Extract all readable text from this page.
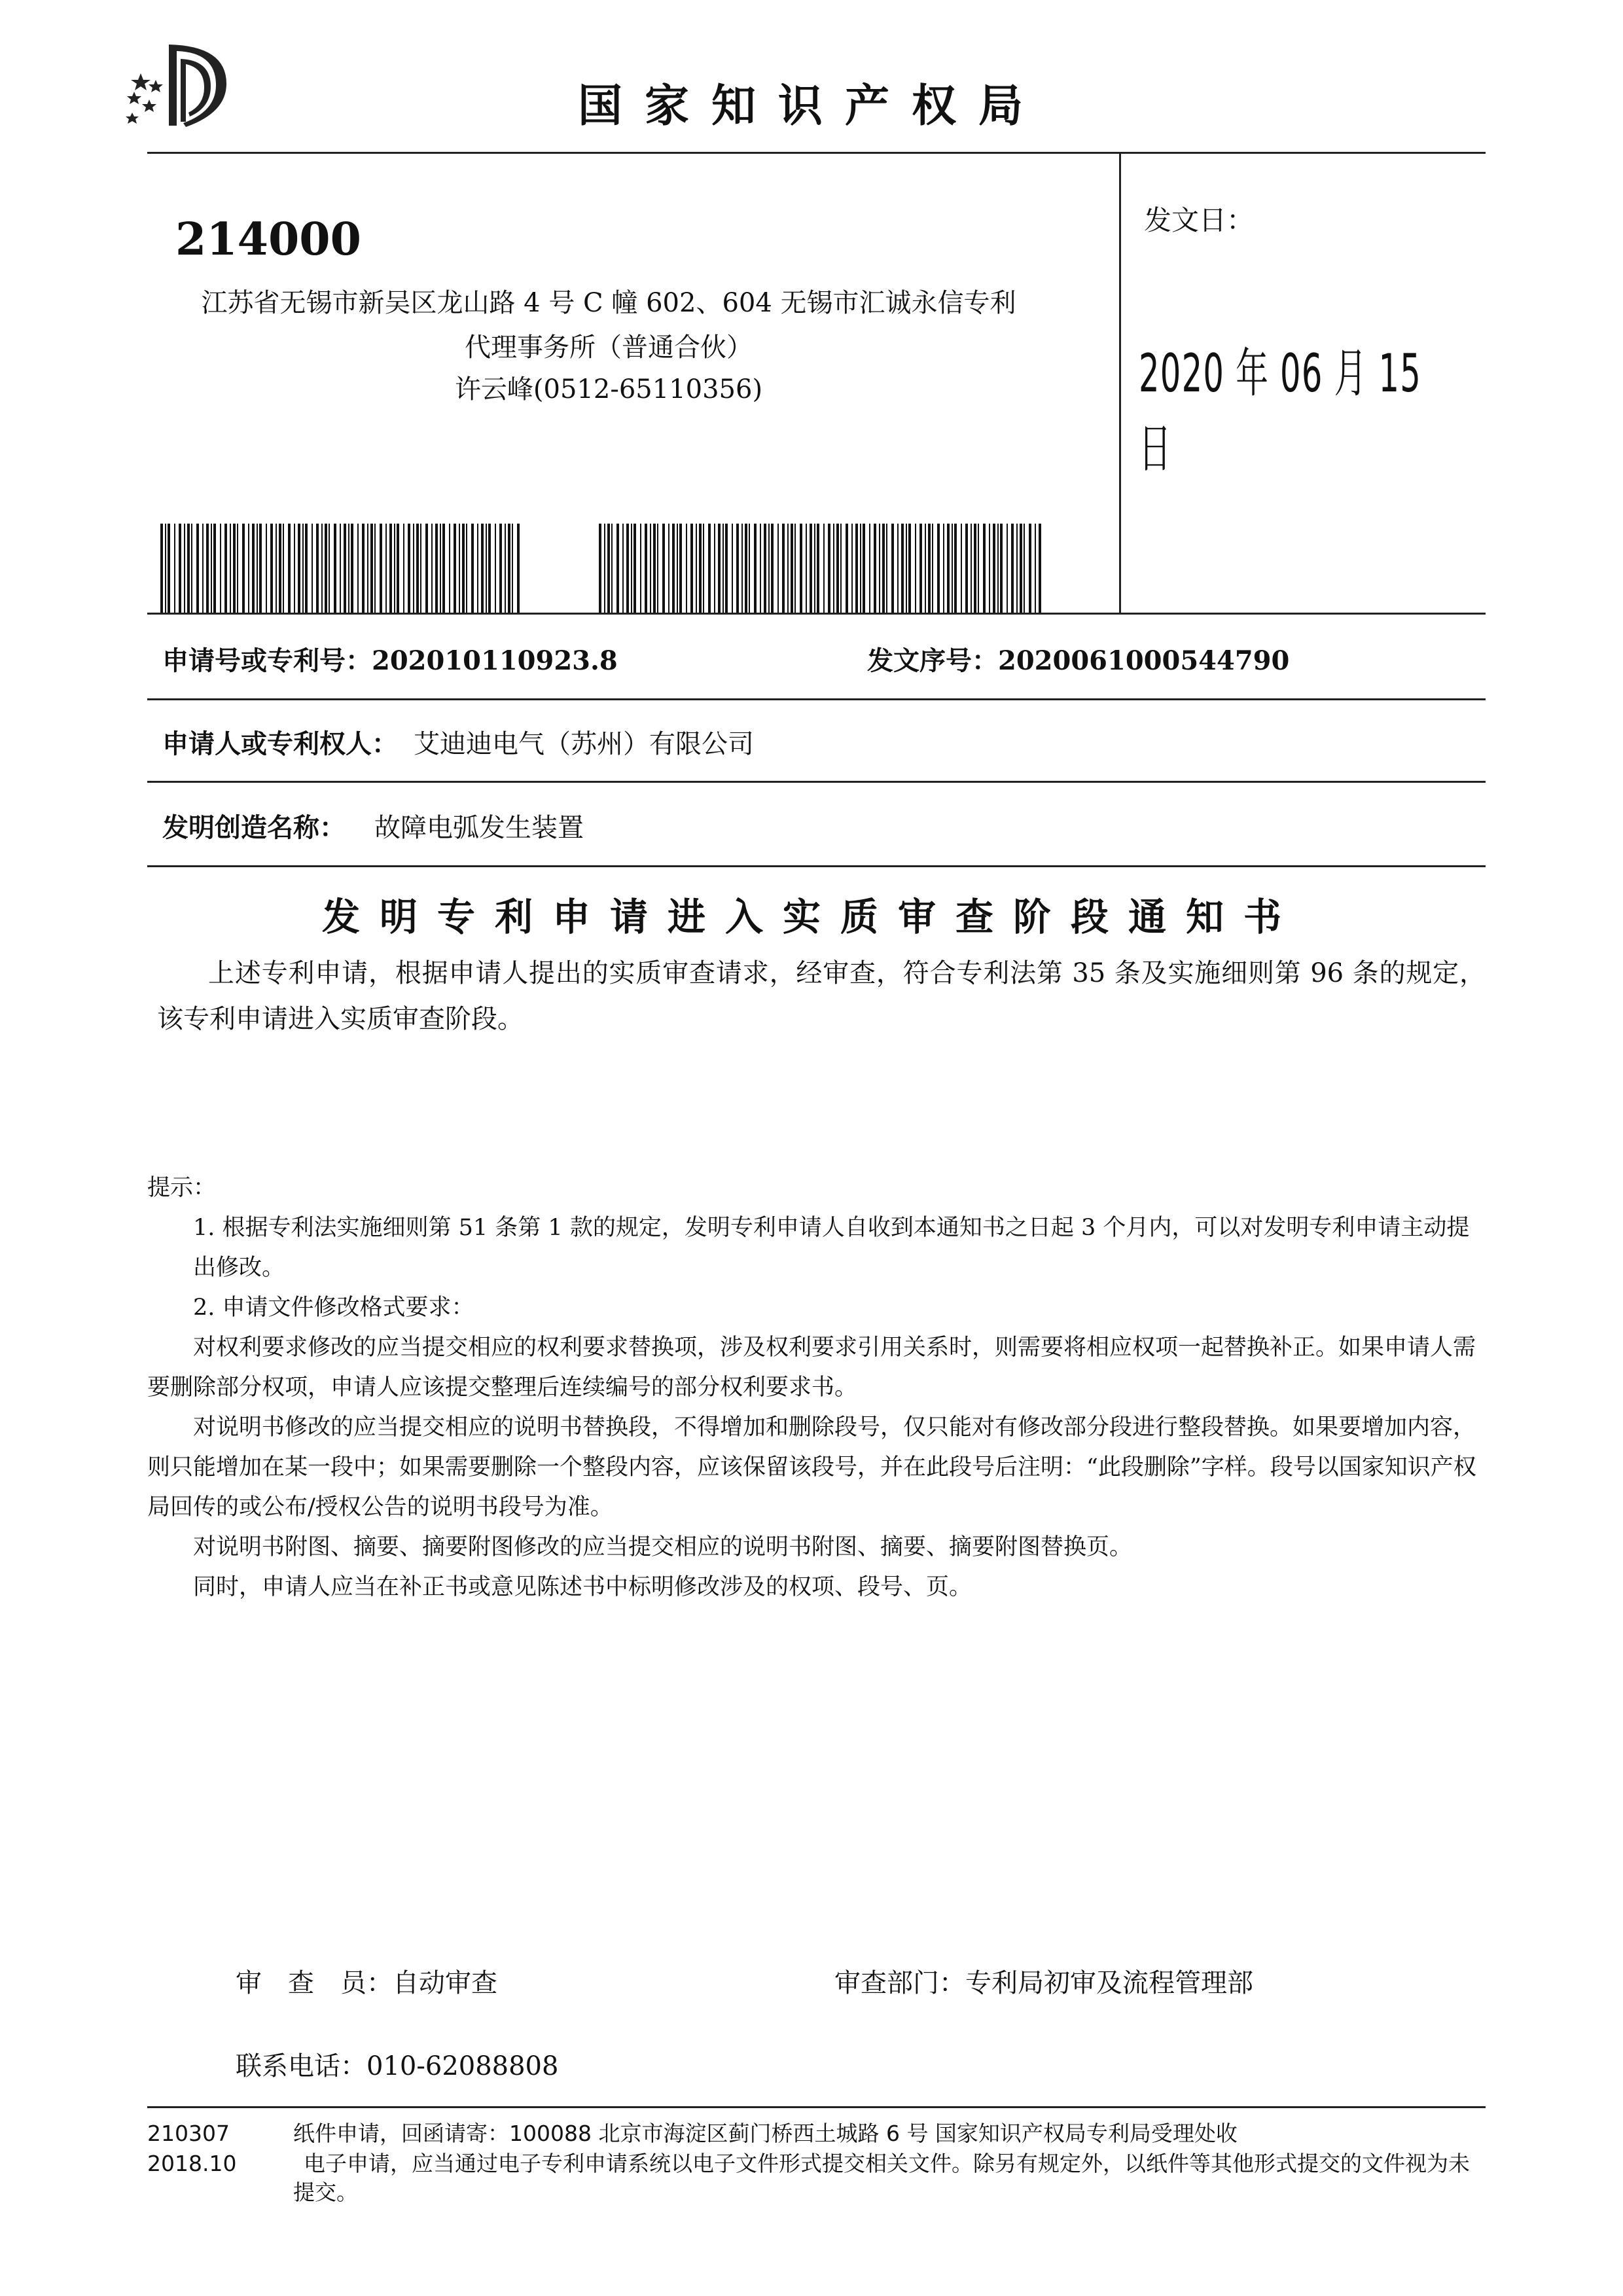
国家知识产权局
214000
江苏省无锡市新吴区龙山路 4 号 C 幢 602、604 无锡市汇诚永信专利
代理事务所（普通合伙）
许云峰(0512-65110356)
发文日：
2020 年 06 月 15 日
申请号或专利号：202010110923.8	发文序号：2020061000544790
申请人或专利权人： 艾迪迪电气（苏州）有限公司
发明创造名称： 故障电弧发生装置
发明专利申请进入实质审查阶段通知书
上述专利申请，根据申请人提出的实质审查请求，经审查，符合专利法第 35 条及实施细则第 96 条的规定，该专利申请进入实质审查阶段。

提示：

1. 根据专利法实施细则第 51 条第 1 款的规定，发明专利申请人自收到本通知书之日起 3 个月内，可以对发明专利申请主动提出修改。

2. 申请文件修改格式要求：

对权利要求修改的应当提交相应的权利要求替换项，涉及权利要求引用关系时，则需要将相应权项一起替换补正。如果申请人需要删除部分权项，申请人应该提交整理后连续编号的部分权利要求书。

对说明书修改的应当提交相应的说明书替换段，不得增加和删除段号，仅只能对有修改部分段进行整段替换。如果要增加内容，则只能增加在某一段中；如果需要删除一个整段内容，应该保留该段号，并在此段号后注明：“此段删除”字样。段号以国家知识产权局回传的或公布/授权公告的说明书段号为准。

对说明书附图、摘要、摘要附图修改的应当提交相应的说明书附图、摘要、摘要附图替换页。

同时，申请人应当在补正书或意见陈述书中标明修改涉及的权项、段号、页。

审　查　员：自动审查	审查部门：专利局初审及流程管理部
联系电话：010-62088808
210307
2018.10
纸件申请，回函请寄：100088 北京市海淀区蓟门桥西土城路 6 号 国家知识产权局专利局受理处收
电子申请，应当通过电子专利申请系统以电子文件形式提交相关文件。除另有规定外，以纸件等其他形式提交的文件视为未提交。
